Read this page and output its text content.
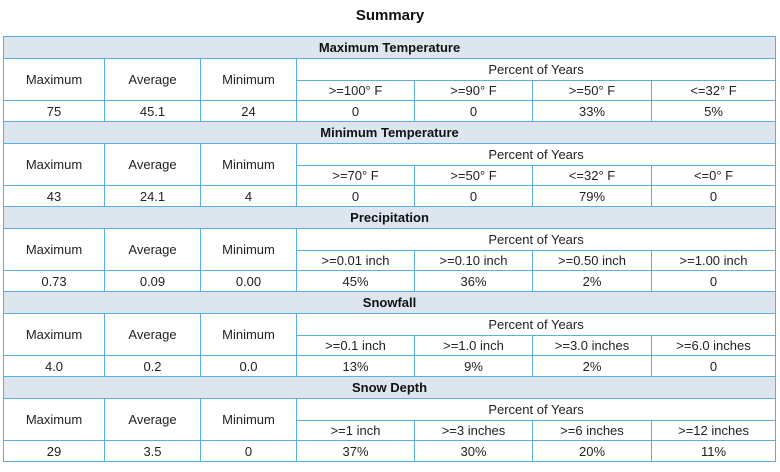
Summary
Maximum Temperature						
Maximum	Average	Minimum	Percent of Years			
			>=100° F	>=90° F	>=50° F	<=32° F
75	45.1	24	0	0	33%	5%
Minimum Temperature						
Maximum	Average	Minimum	Percent of Years			
			>=70° F	>=50° F	<=32° F	<=0° F
43	24.1	4	0	0	79%	0
Precipitation						
Maximum	Average	Minimum	Percent of Years			
			>=0.01 inch	>=0.10 inch	>=0.50 inch	>=1.00 inch
0.73	0.09	0.00	45%	36%	2%	0
Snowfall						
Maximum	Average	Minimum	Percent of Years			
			>=0.1 inch	>=1.0 inch	>=3.0 inches	>=6.0 inches
4.0	0.2	0.0	13%	9%	2%	0
Snow Depth						
Maximum	Average	Minimum	Percent of Years			
			>=1 inch	>=3 inches	>=6 inches	>=12 inches
29	3.5	0	37%	30%	20%	11%
